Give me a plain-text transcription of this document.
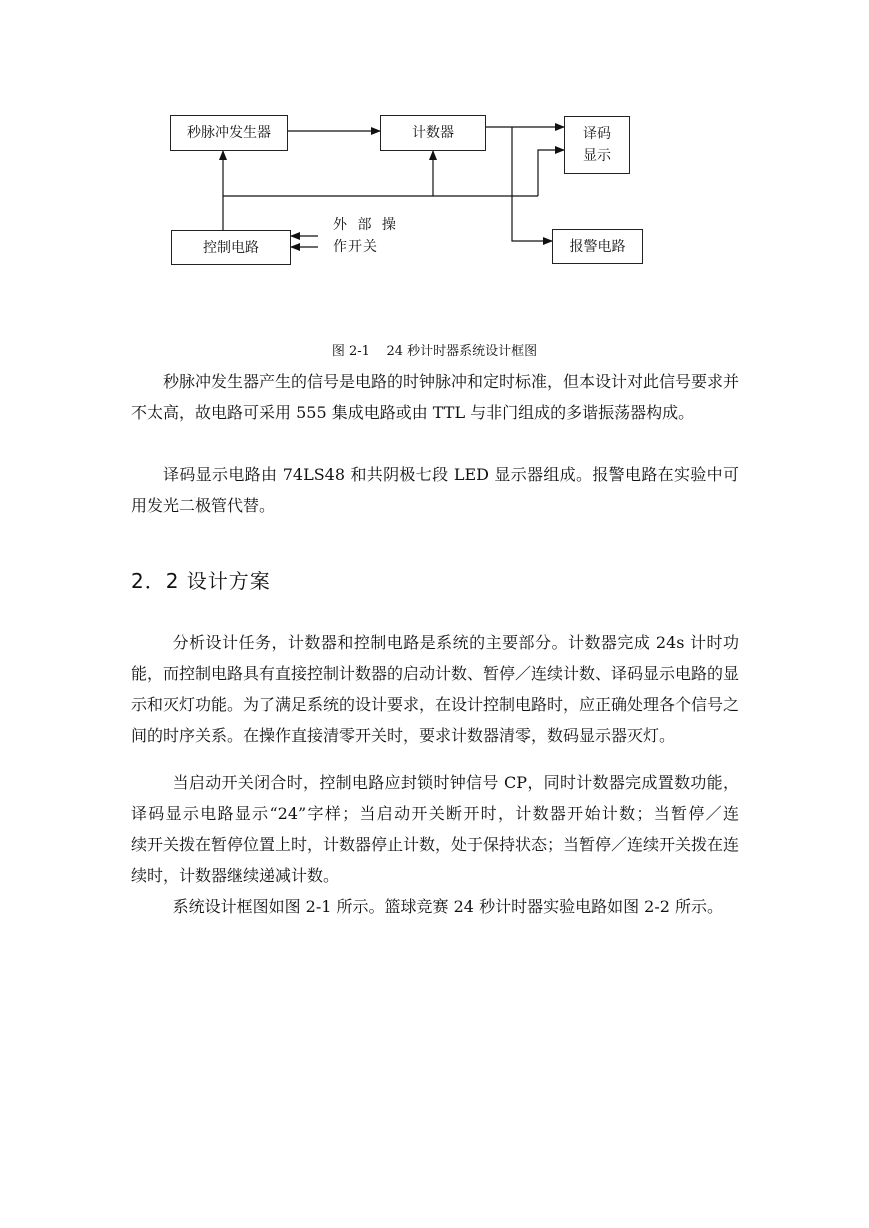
秒脉冲发生器	计数器	译码
显示
控制电路	报警电路
外 部 操
作开关
图 2-1    24 秒计时器系统设计框图

秒脉冲发生器产生的信号是电路的时钟脉冲和定时标准，但本设计对此信号要求并不太高，故电路可采用 555 集成电路或由 TTL 与非门组成的多谐振荡器构成。

译码显示电路由 74LS48 和共阴极七段 LED 显示器组成。报警电路在实验中可用发光二极管代替。

2．2 设计方案

分析设计任务，计数器和控制电路是系统的主要部分。计数器完成 24s 计时功能，而控制电路具有直接控制计数器的启动计数、暂停／连续计数、译码显示电路的显示和灭灯功能。为了满足系统的设计要求，在设计控制电路时，应正确处理各个信号之间的时序关系。在操作直接清零开关时，要求计数器清零，数码显示器灭灯。

当启动开关闭合时，控制电路应封锁时钟信号 CP，同时计数器完成置数功能，译码显示电路显示“24”字样；当启动开关断开时，计数器开始计数；当暂停／连　　　　续开关拨在暂停位置上时，计数器停止计数，处于保持状态；当暂停／连续开关拨在连续时，计数器继续递减计数。

系统设计框图如图 2-1 所示。篮球竞赛 24 秒计时器实验电路如图 2-2 所示。
